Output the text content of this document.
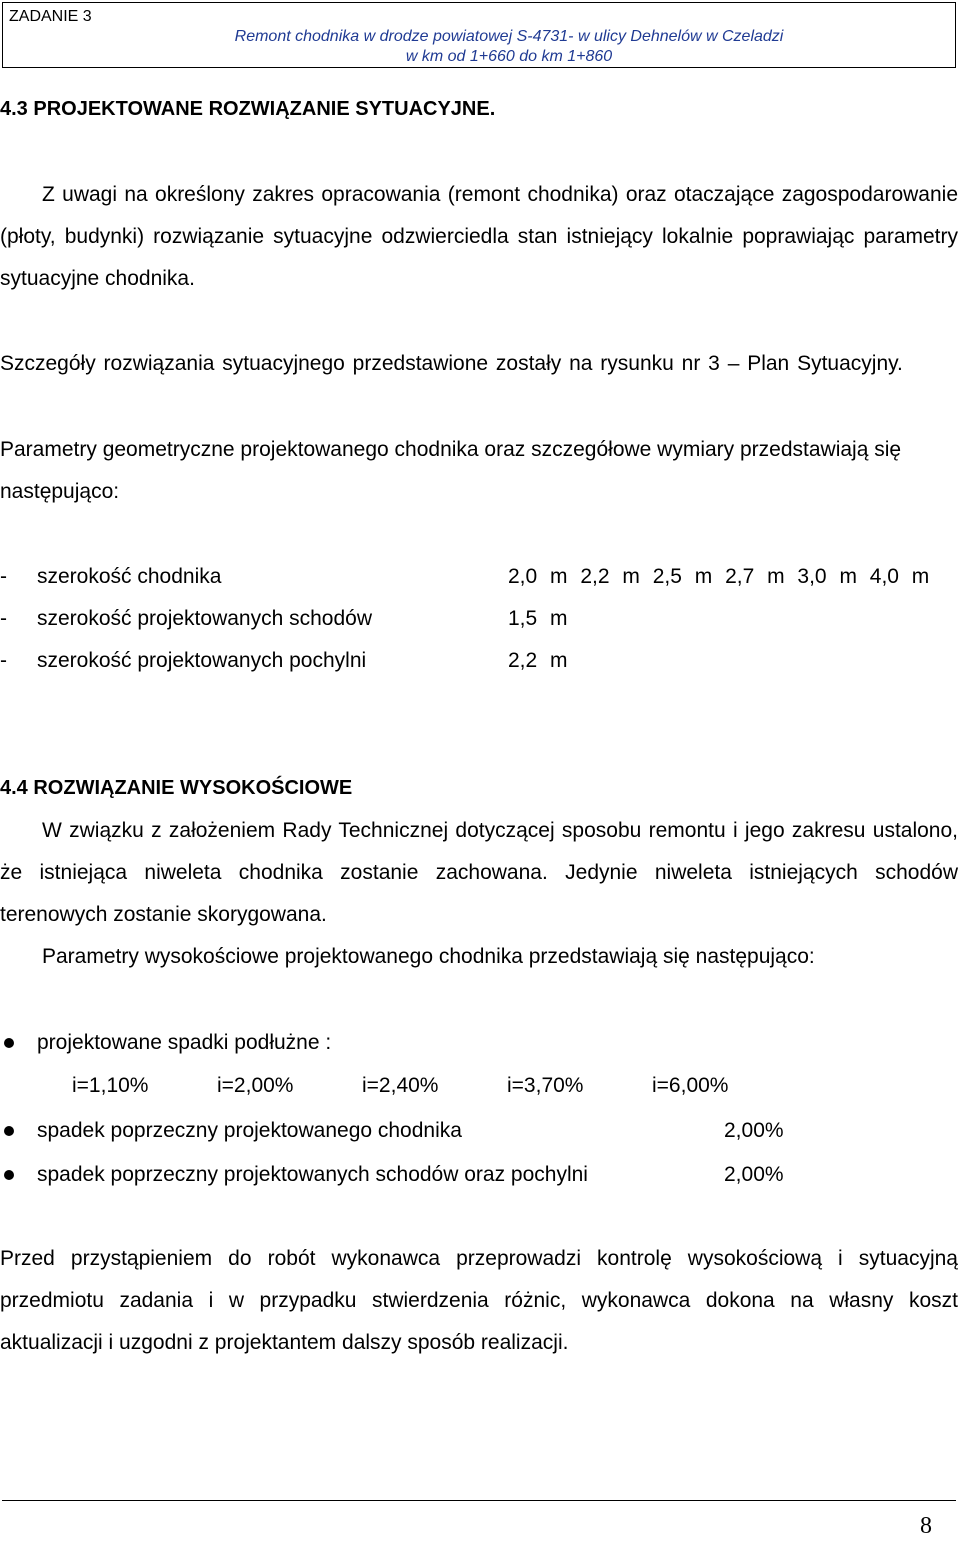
ZADANIE 3
Remont chodnika w drodze powiatowej S-4731- w ulicy Dehnelów w Czeladzi
w km od 1+660 do km 1+860
4.3 PROJEKTOWANE ROZWIĄZANIE SYTUACYJNE.
Z uwagi na określony zakres opracowania (remont chodnika) oraz otaczające zagospodarowanie (płoty, budynki) rozwiązanie sytuacyjne odzwierciedla stan istniejący lokalnie poprawiając parametry sytuacyjne chodnika.
Szczegóły rozwiązania sytuacyjnego przedstawione zostały na rysunku nr 3 – Plan Sytuacyjny.
Parametry geometryczne projektowanego chodnika oraz szczegółowe wymiary przedstawiają się następująco:
- szerokość chodnika	2,0 m 2,2 m 2,5 m 2,7 m 3,0 m 4,0 m
- szerokość projektowanych schodów	1,5 m
- szerokość projektowanych pochylni	2,2 m
4.4 ROZWIĄZANIE WYSOKOŚCIOWE
W związku z założeniem Rady Technicznej dotyczącej sposobu remontu i jego zakresu ustalono, że istniejąca niweleta chodnika zostanie zachowana. Jedynie niweleta istniejących schodów terenowych zostanie skorygowana.
Parametry wysokościowe projektowanego chodnika przedstawiają się następująco:
projektowane spadki podłużne :
i=1,10%	i=2,00%	i=2,40%	i=3,70%	i=6,00%
spadek poprzeczny projektowanego chodnika	2,00%
spadek poprzeczny projektowanych schodów oraz pochylni	2,00%
Przed przystąpieniem do robót wykonawca przeprowadzi kontrolę wysokościową i sytuacyjną przedmiotu zadania i w przypadku stwierdzenia różnic, wykonawca dokona na własny koszt aktualizacji i uzgodni z projektantem dalszy sposób realizacji.
8
